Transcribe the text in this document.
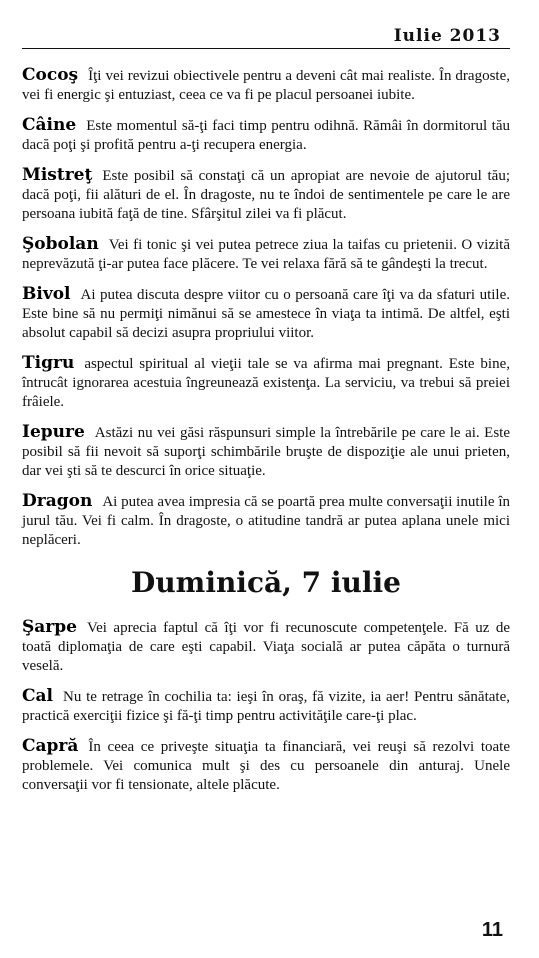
Iulie 2013

Cocoş Îţi vei revizui obiectivele pentru a deveni cât mai realiste. În dragoste, vei fi energic şi entuziast, ceea ce va fi pe placul persoanei iubite.

Câine Este momentul să-ţi faci timp pentru odihnă. Rămâi în dormitorul tău dacă poţi şi profită pentru a-ţi recupera energia.

Mistreţ Este posibil să constaţi că un apropiat are nevoie de ajutorul tău; dacă poţi, fii alături de el. În dragoste, nu te îndoi de sentimentele pe care le are persoana iubită faţă de tine. Sfârşitul zilei va fi plăcut.

Şobolan Vei fi tonic şi vei putea petrece ziua la taifas cu prietenii. O vizită neprevăzută ţi-ar putea face plăcere. Te vei relaxa fără să te gândeşti la trecut.

Bivol Ai putea discuta despre viitor cu o persoană care îţi va da sfaturi utile. Este bine să nu permiţi nimănui să se amestece în viaţa ta intimă. De altfel, eşti absolut capabil să decizi asupra propriului viitor.

Tigru aspectul spiritual al vieţii tale se va afirma mai pregnant. Este bine, întrucât ignorarea acestuia îngreunează existenţa. La serviciu, va trebui să preiei frâiele.

Iepure Astăzi nu vei găsi răspunsuri simple la întrebările pe care le ai. Este posibil să fii nevoit să suporţi schimbările bruşte de dispoziţie ale unui prieten, dar vei şti să te descurci în orice situaţie.

Dragon Ai putea avea impresia că se poartă prea multe conversaţii inutile în jurul tău. Vei fi calm. În dragoste, o atitudine tandră ar putea aplana unele mici neplăceri.

Duminică, 7 iulie

Şarpe Vei aprecia faptul că îţi vor fi recunoscute competenţele. Fă uz de toată diplomaţia de care eşti capabil. Viaţa socială ar putea căpăta o turnură veselă.

Cal Nu te retrage în cochilia ta: ieşi în oraş, fă vizite, ia aer! Pentru sănătate, practică exerciţii fizice şi fă-ţi timp pentru activităţile care-ţi plac.

Capră În ceea ce priveşte situaţia ta financiară, vei reuşi să rezolvi toate problemele. Vei comunica mult şi des cu persoanele din anturaj. Unele conversaţii vor fi tensionate, altele plăcute.

11
